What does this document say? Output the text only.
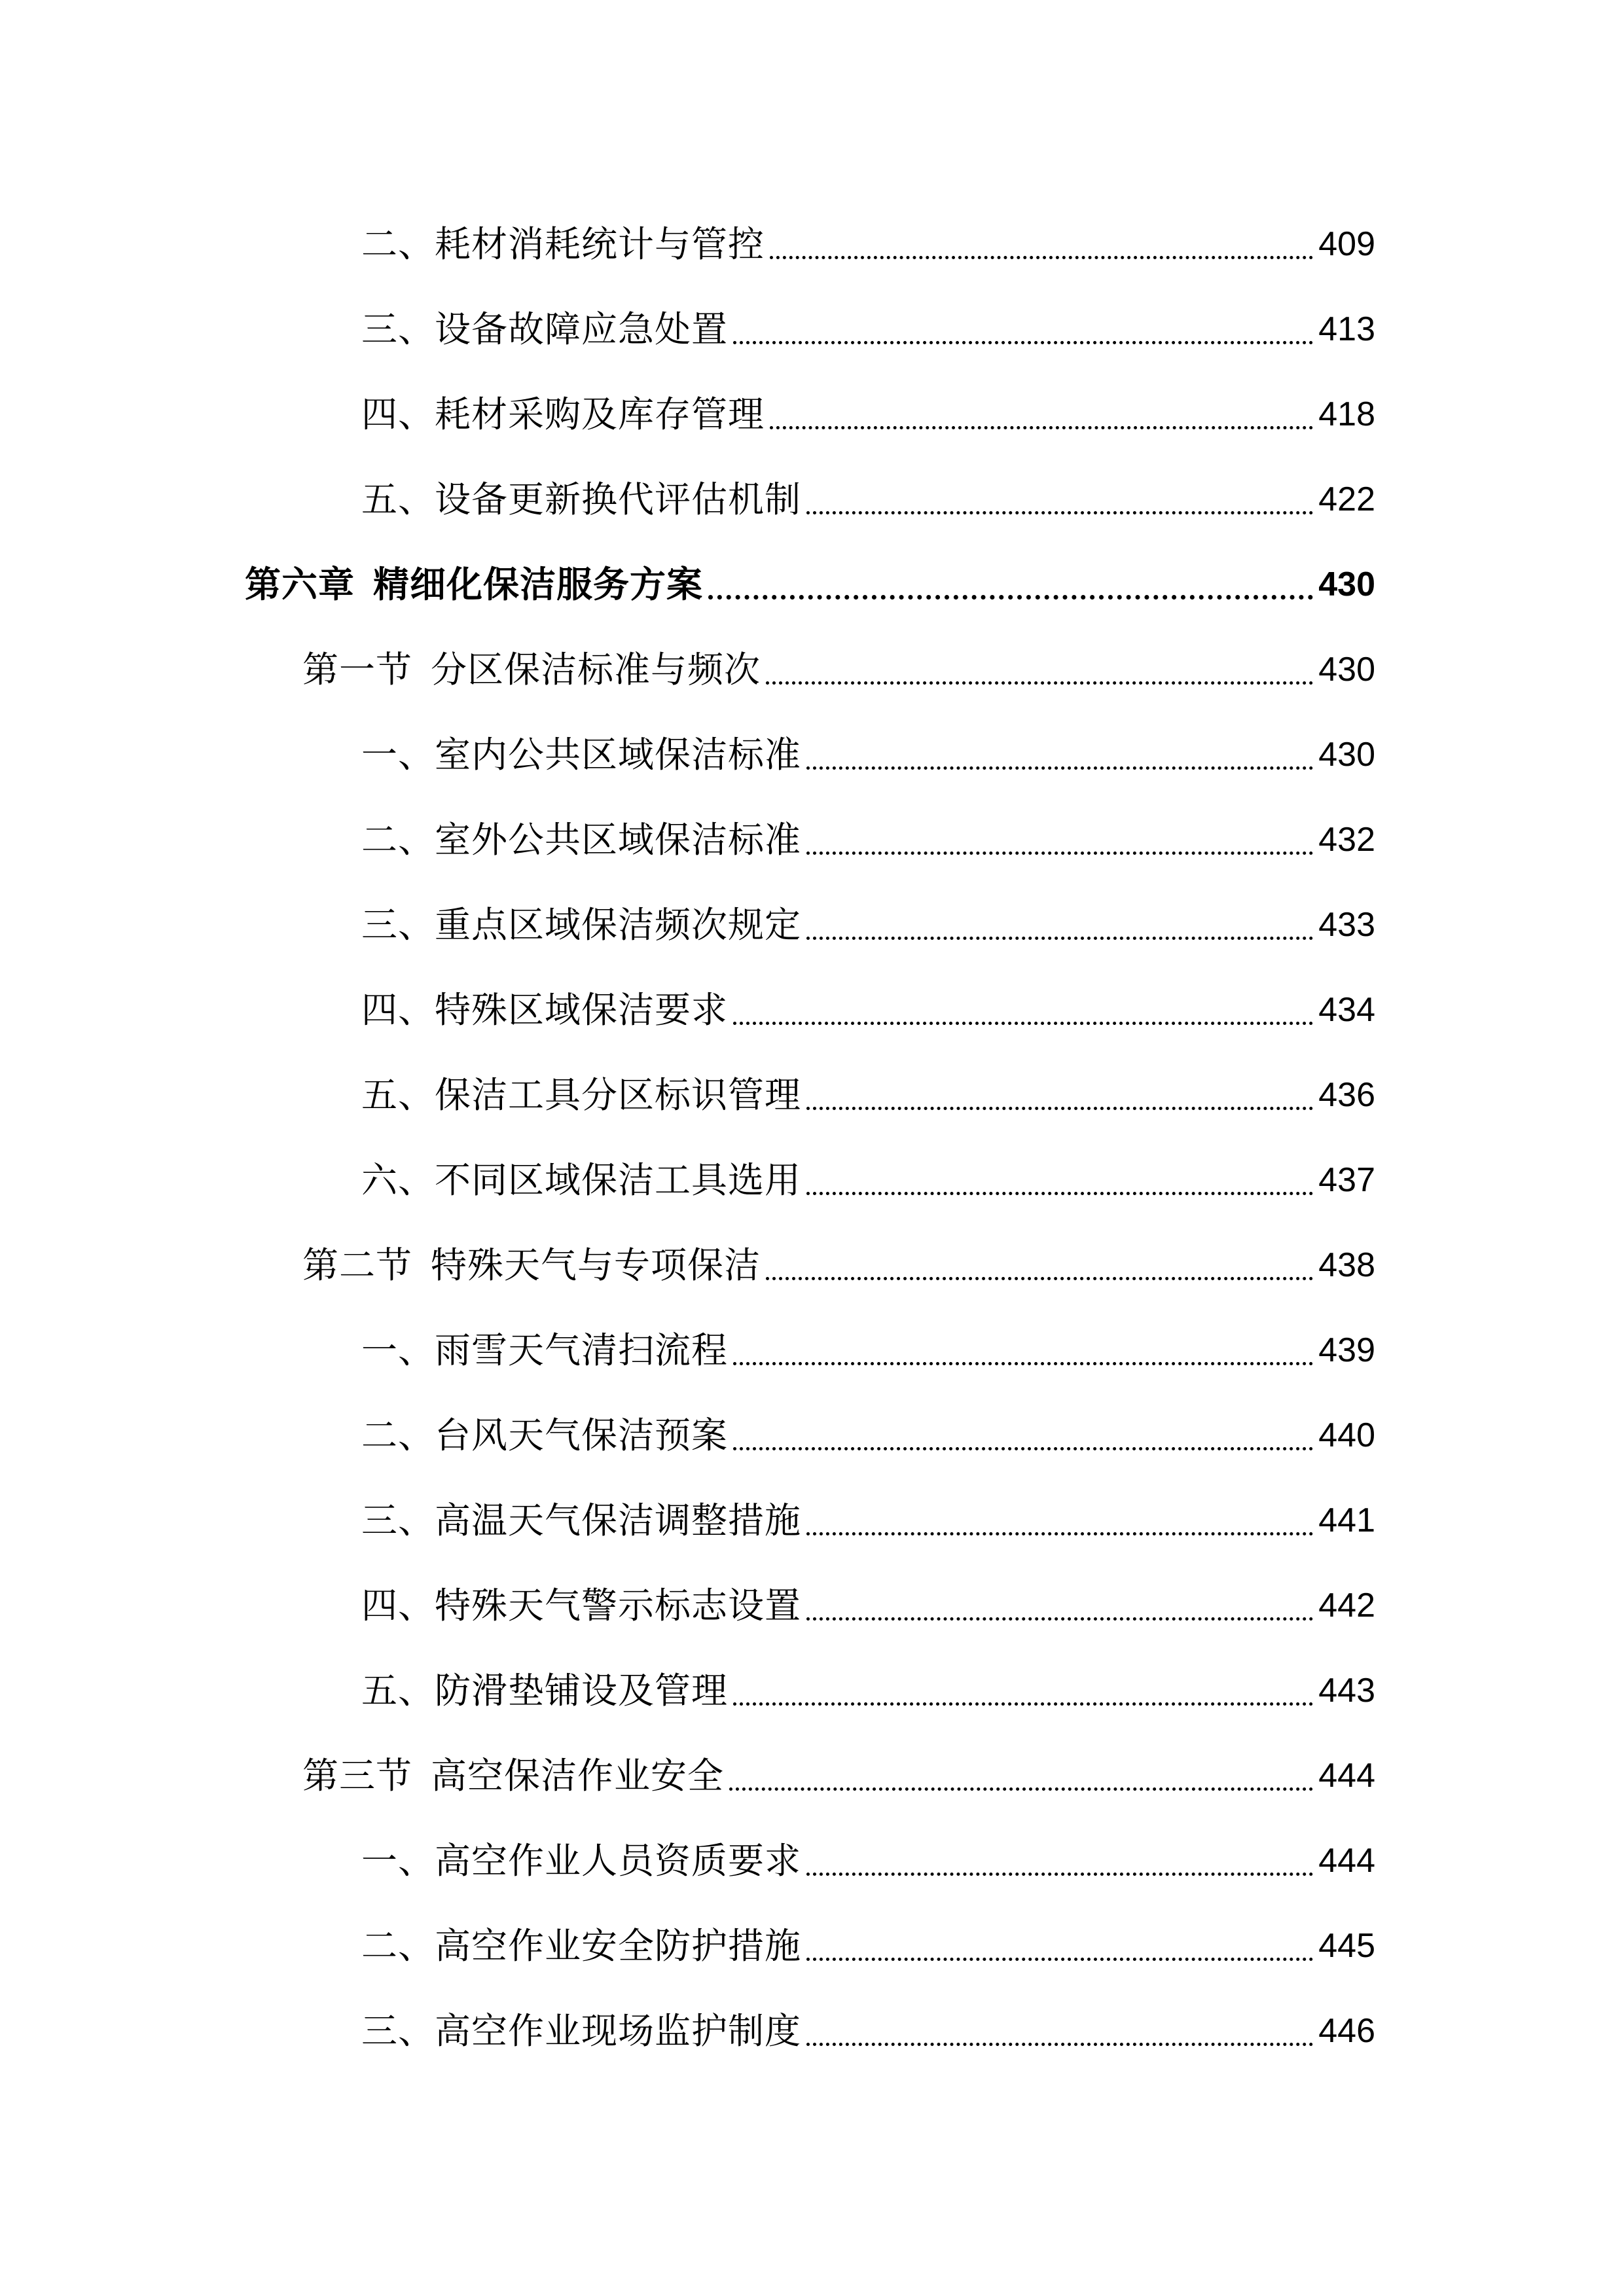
二、耗材消耗统计与管控	409
三、设备故障应急处置	413
四、耗材采购及库存管理	418
五、设备更新换代评估机制	422
第六章 精细化保洁服务方案	430
第一节 分区保洁标准与频次	430
一、室内公共区域保洁标准	430
二、室外公共区域保洁标准	432
三、重点区域保洁频次规定	433
四、特殊区域保洁要求	434
五、保洁工具分区标识管理	436
六、不同区域保洁工具选用	437
第二节 特殊天气与专项保洁	438
一、雨雪天气清扫流程	439
二、台风天气保洁预案	440
三、高温天气保洁调整措施	441
四、特殊天气警示标志设置	442
五、防滑垫铺设及管理	443
第三节 高空保洁作业安全	444
一、高空作业人员资质要求	444
二、高空作业安全防护措施	445
三、高空作业现场监护制度	446
